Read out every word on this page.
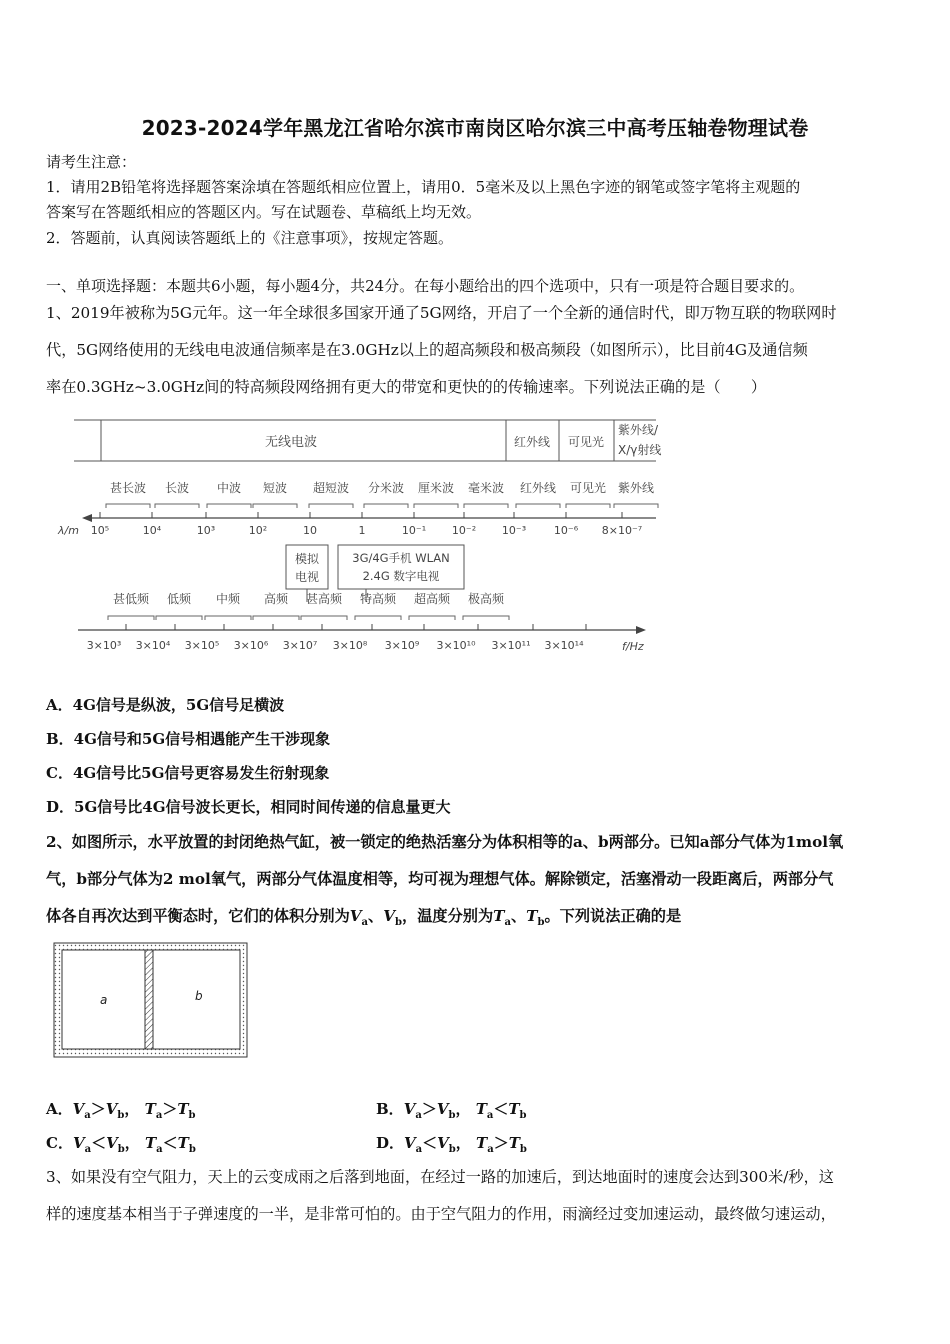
2023-2024学年黑龙江省哈尔滨市南岗区哈尔滨三中高考压轴卷物理试卷
请考生注意：
1．请用2B铅笔将选择题答案涂填在答题纸相应位置上，请用0．5毫米及以上黑色字迹的钢笔或签字笔将主观题的
答案写在答题纸相应的答题区内。写在试题卷、草稿纸上均无效。
2．答题前，认真阅读答题纸上的《注意事项》，按规定答题。
一、单项选择题：本题共6小题，每小题4分，共24分。在每小题给出的四个选项中，只有一项是符合题目要求的。
1、2019年被称为5G元年。这一年全球很多国家开通了5G网络，开启了一个全新的通信时代，即万物互联的物联网时
代，5G网络使用的无线电电波通信频率是在3.0GHz以上的超高频段和极高频段（如图所示），比目前4G及通信频
率在0.3GHz~3.0GHz间的特高频段网络拥有更大的带宽和更快的的传输速率。下列说法正确的是（　　）
无线电波	红外线 可见光
紫外线/
X/γ射线
甚长波 长波 中波 短波 超短波 分米波 厘米波 毫米波 红外线 可见光 紫外线
λ/m 10⁵	10⁴	10³	10²	10	1	10⁻¹ 10⁻² 10⁻³	10⁻⁶ 8×10⁻⁷
模拟
电视
3G/4G手机 WLAN
2.4G 数字电视
甚低频 低频 中频 高频 甚高频 特高频 超高频 极高频
3×10³ 3×10⁴ 3×10⁵ 3×10⁶ 3×10⁷ 3×10⁸ 3×10⁹ 3×10¹⁰ 3×10¹¹ 3×10¹⁴	f/Hz
A．4G信号是纵波，5G信号足横波
B．4G信号和5G信号相遇能产生干涉现象
C．4G信号比5G信号更容易发生衍射现象
D．5G信号比4G信号波长更长，相同时间传递的信息量更大
2、如图所示，水平放置的封闭绝热气缸，被一锁定的绝热活塞分为体积相等的a、b两部分。已知a部分气体为1mol氧
气，b部分气体为2 mol氧气，两部分气体温度相等，均可视为理想气体。解除锁定，活塞滑动一段距离后，两部分气
体各自再次达到平衡态时，它们的体积分别为$V_a$、$V_b$，温度分别为$T_a$、$T_b$。下列说法正确的是
a	b
A．$V_a>V_b$， $T_a>T_b$	B．$V_a>V_b$， $T_a<T_b$
C．$V_a<V_b$， $T_a<T_b$	D．$V_a<V_b$， $T_a>T_b$
3、如果没有空气阻力，天上的云变成雨之后落到地面，在经过一路的加速后，到达地面时的速度会达到300米/秒，这
样的速度基本相当于子弹速度的一半，是非常可怕的。由于空气阻力的作用，雨滴经过变加速运动，最终做匀速运动，
